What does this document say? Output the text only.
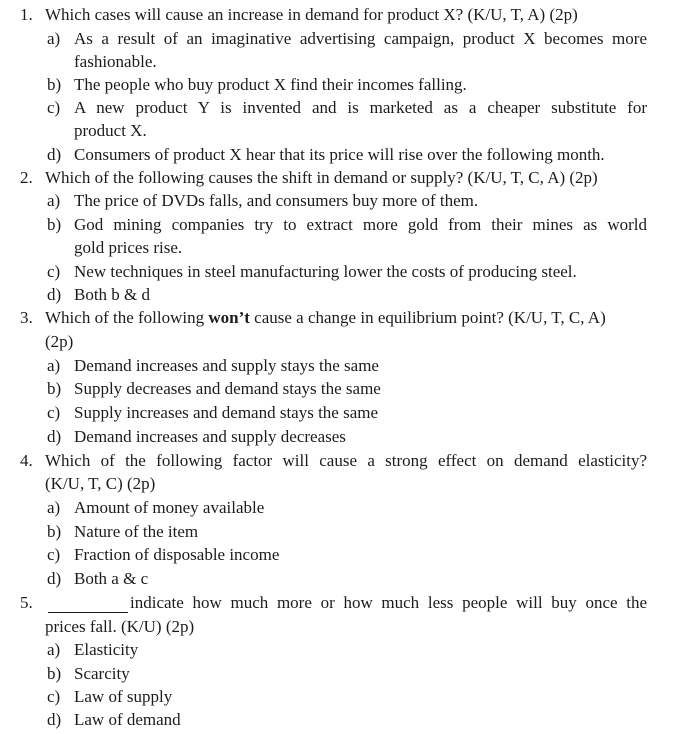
1. Which cases will cause an increase in demand for product X? (K/U, T, A) (2p)
a) As a result of an imaginative advertising campaign, product X becomes more
fashionable.
b) The people who buy product X find their incomes falling.
c) A new product Y is invented and is marketed as a cheaper substitute for
product X.
d) Consumers of product X hear that its price will rise over the following month.
2. Which of the following causes the shift in demand or supply? (K/U, T, C, A) (2p)
a) The price of DVDs falls, and consumers buy more of them.
b) God mining companies try to extract more gold from their mines as world
gold prices rise.
c) New techniques in steel manufacturing lower the costs of producing steel.
d) Both b & d
3. Which of the following won’t cause a change in equilibrium point? (K/U, T, C, A)
(2p)
a) Demand increases and supply stays the same
b) Supply decreases and demand stays the same
c) Supply increases and demand stays the same
d) Demand increases and supply decreases
4. Which of the following factor will cause a strong effect on demand elasticity?
(K/U, T, C) (2p)
a) Amount of money available
b) Nature of the item
c) Fraction of disposable income
d) Both a & c
5.	indicate how much more or how much less people will buy once the
prices fall. (K/U) (2p)
a) Elasticity
b) Scarcity
c) Law of supply
d) Law of demand
